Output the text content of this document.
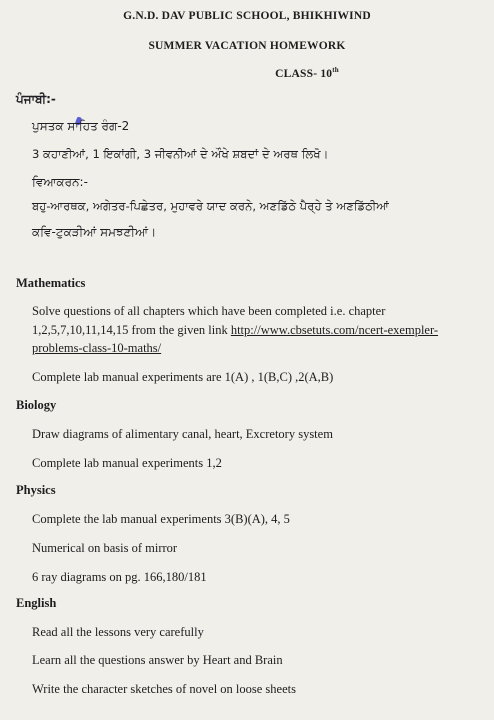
G.N.D. DAV PUBLIC SCHOOL, BHIKHIWIND
SUMMER VACATION HOMEWORK
CLASS- 10th
ਪੰਜਾਬੀ:-
ਪੁਸਤਕ ਸਾਹਿਤ ਰੰਗ-2
3 ਕਹਾਣੀਆਂ, 1 ਇਕਾਂਗੀ, 3 ਜੀਵਨੀਆਂ ਦੇ ਔਖੇ ਸ਼ਬਦਾਂ ਦੇ ਅਰਥ ਲਿਖੋ।
ਵਿਆਕਰਨ:-
ਬਹੁ-ਆਰਥਕ, ਅਗੇਤਰ-ਪਿਛੇਤਰ, ਮੁਹਾਵਰੇ ਯਾਦ ਕਰਨੇ, ਅਣਡਿੱਠੇ ਪੈਰ੍ਹੇ ਤੇ ਅਣਡਿੱਠੀਆਂ
ਕਵਿ-ਟੁਕੜੀਆਂ ਸਮਝਣੀਆਂ।
Mathematics
Solve questions of all chapters which have been completed i.e. chapter
1,2,5,7,10,11,14,15 from the given link http://www.cbsetuts.com/ncert-exempler-
problems-class-10-maths/
Complete lab manual experiments are 1(A) , 1(B,C) ,2(A,B)
Biology
Draw diagrams of alimentary canal, heart, Excretory system
Complete lab manual experiments 1,2
Physics
Complete the lab manual experiments 3(B)(A), 4, 5
Numerical on basis of mirror
6 ray diagrams on pg. 166,180/181
English
Read all the lessons very carefully
Learn all the questions answer by Heart and Brain
Write the character sketches of novel on loose sheets
